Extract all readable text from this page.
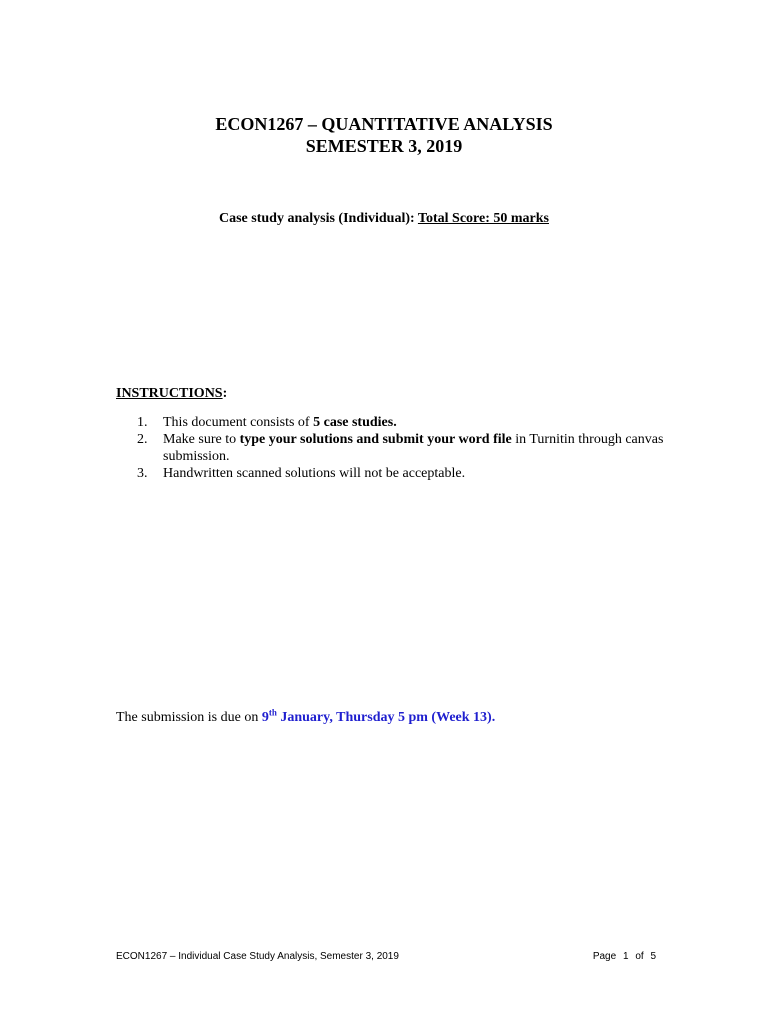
ECON1267 – QUANTITATIVE ANALYSIS
SEMESTER 3, 2019
Case study analysis (Individual): Total Score: 50 marks
INSTRUCTIONS:
1. This document consists of 5 case studies.
2. Make sure to type your solutions and submit your word file in Turnitin through canvas submission.
3. Handwritten scanned solutions will not be acceptable.
The submission is due on 9th January, Thursday 5 pm (Week 13).
ECON1267 – Individual Case Study Analysis, Semester 3, 2019	Page 1 of 5
